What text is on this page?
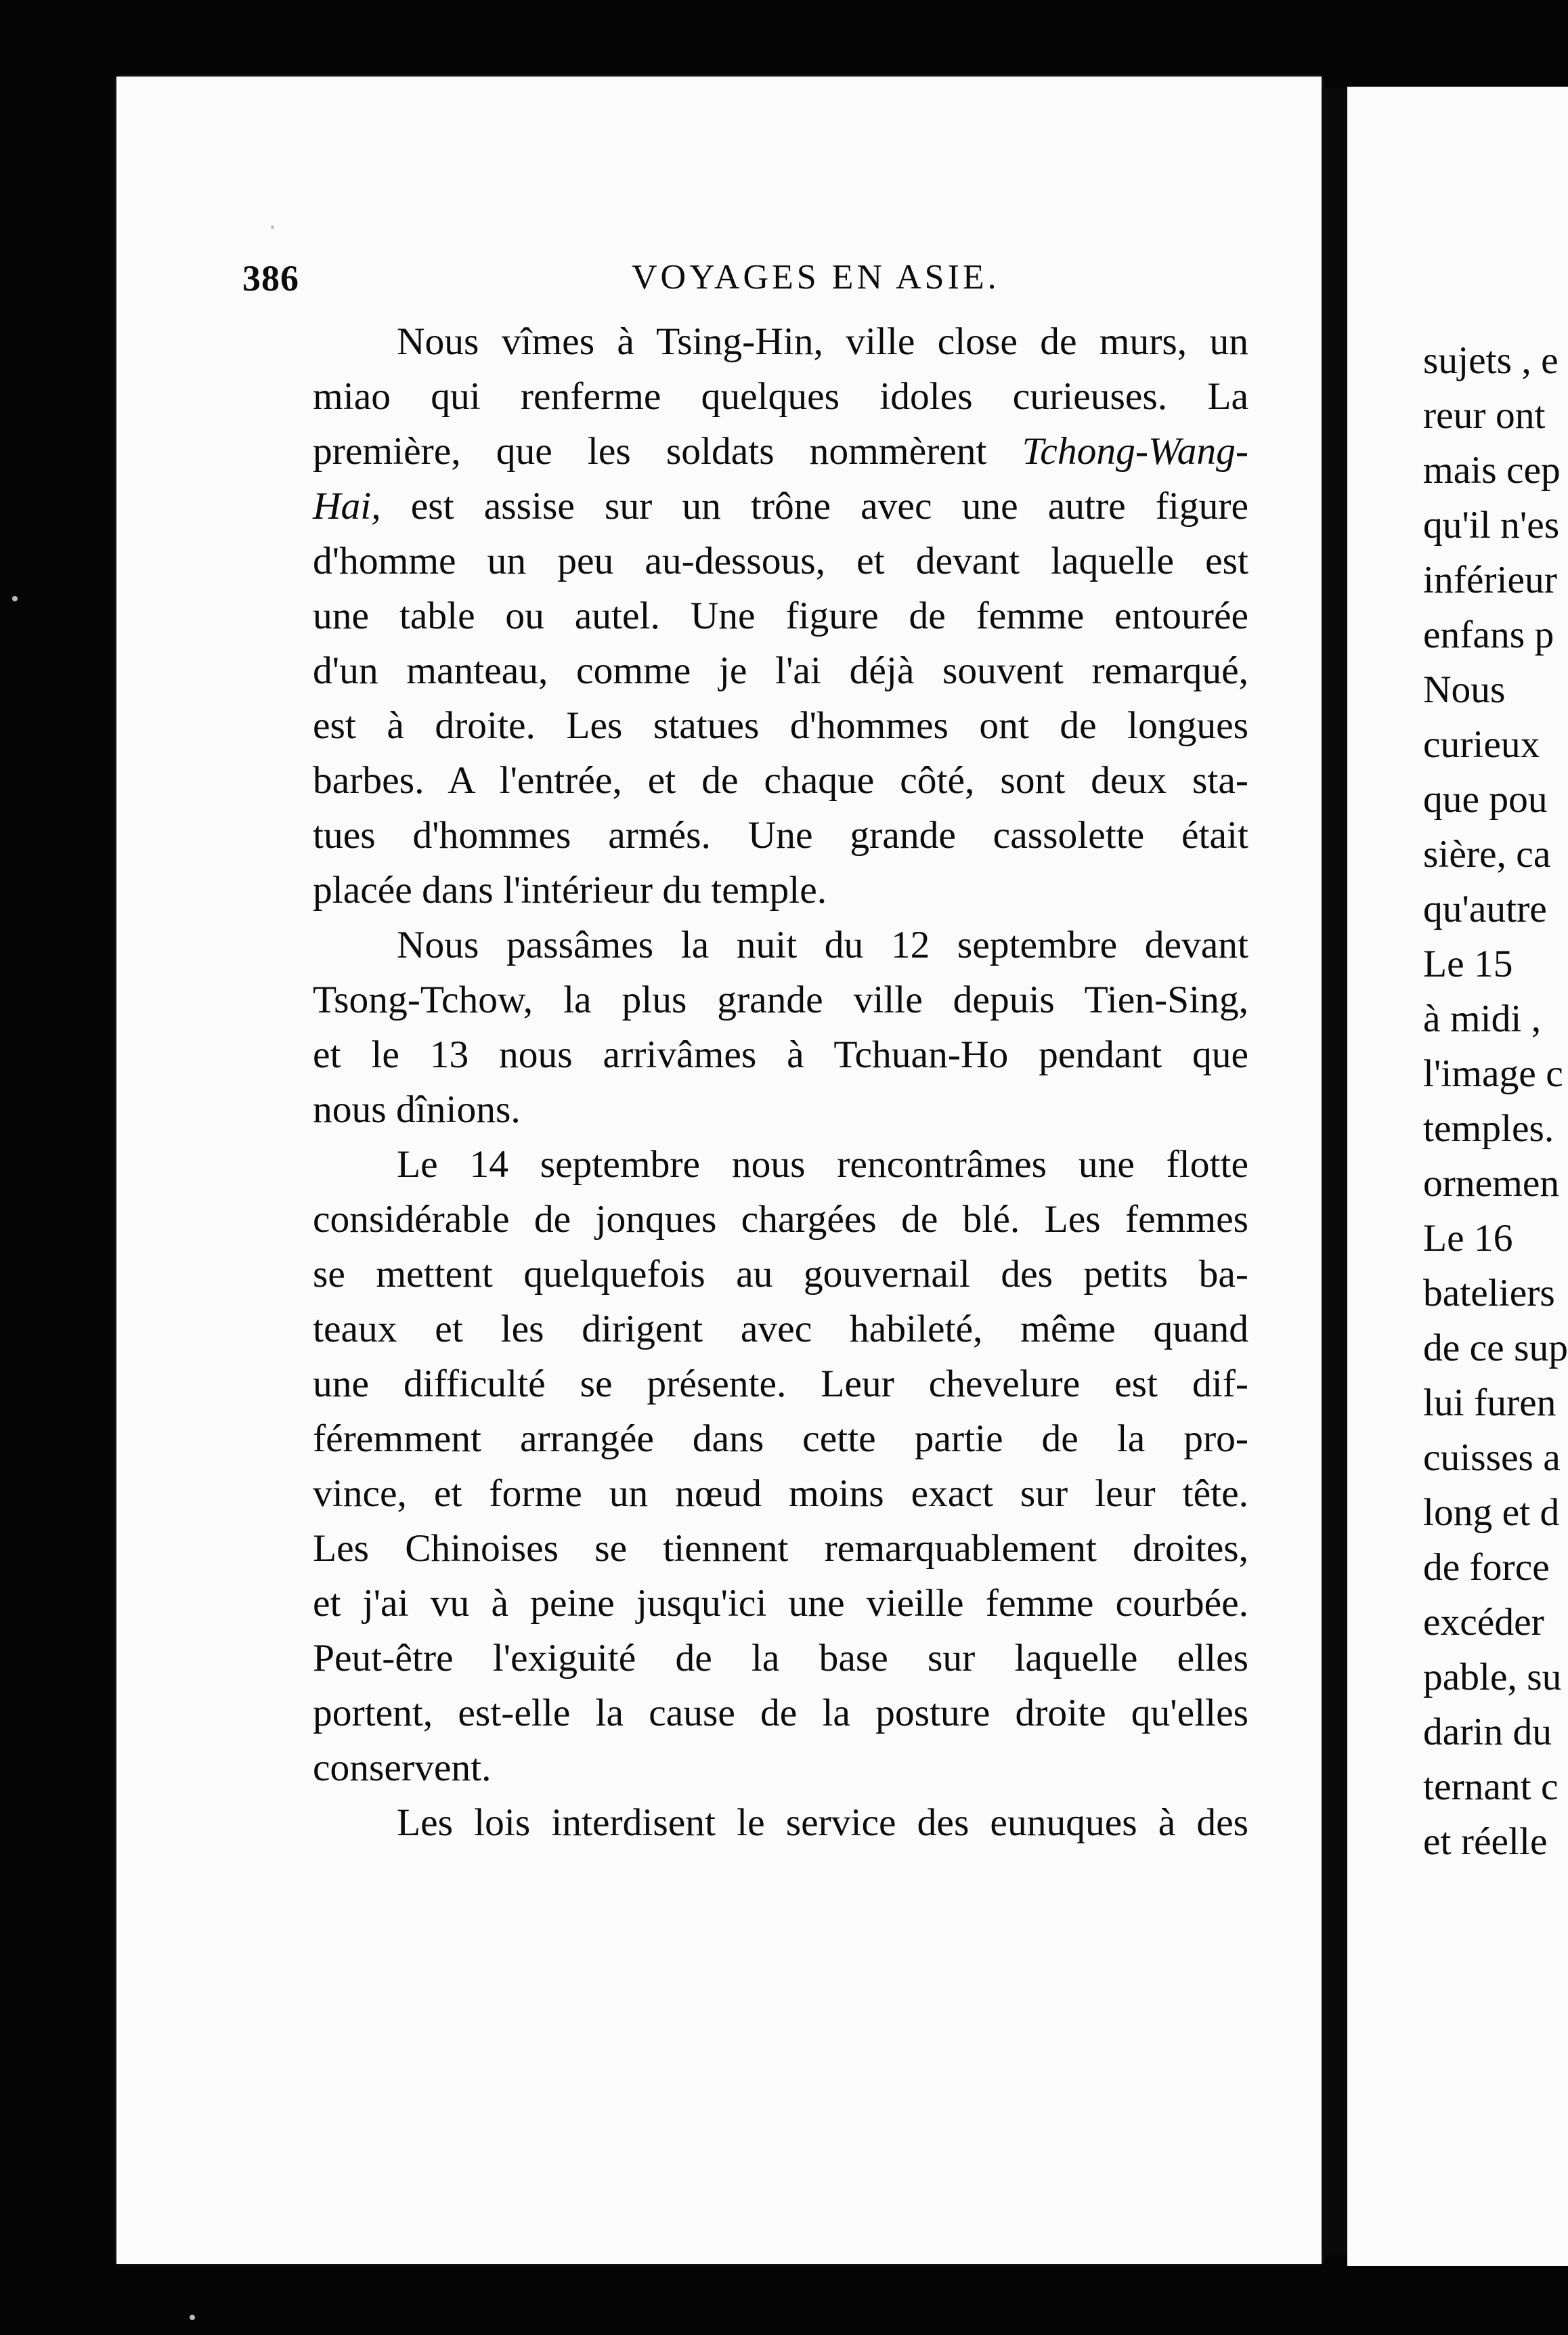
386	VOYAGES EN ASIE.
Nous vîmes à Tsing-Hin, ville close de murs, un
miao qui renferme quelques idoles curieuses. La
première, que les soldats nommèrent Tchong-Wang-
Hai, est assise sur un trône avec une autre figure
d'homme un peu au-dessous, et devant laquelle est
une table ou autel. Une figure de femme entourée
d'un manteau, comme je l'ai déjà souvent remarqué,
est à droite. Les statues d'hommes ont de longues
barbes. A l'entrée, et de chaque côté, sont deux sta-
tues d'hommes armés. Une grande cassolette était
placée dans l'intérieur du temple.
Nous passâmes la nuit du 12 septembre devant
Tsong-Tchow, la plus grande ville depuis Tien-Sing,
et le 13 nous arrivâmes à Tchuan-Ho pendant que
nous dînions.
Le 14 septembre nous rencontrâmes une flotte
considérable de jonques chargées de blé. Les femmes
se mettent quelquefois au gouvernail des petits ba-
teaux et les dirigent avec habileté, même quand
une difficulté se présente. Leur chevelure est dif-
féremment arrangée dans cette partie de la pro-
vince, et forme un nœud moins exact sur leur tête.
Les Chinoises se tiennent remarquablement droites,
et j'ai vu à peine jusqu'ici une vieille femme courbée.
Peut-être l'exiguité de la base sur laquelle elles
portent, est-elle la cause de la posture droite qu'elles
conservent.
Les lois interdisent le service des eunuques à des
sujets , e
reur ont
mais cep
qu'il n'es
inférieur
enfans p
Nous
curieux
que pou
sière, ca
qu'autre
Le 15
à midi ,
l'image c
temples.
ornemen
Le 16
bateliers
de ce sup
lui furen
cuisses a
long et d
de force
excéder
pable, su
darin du
ternant c
et réelle
